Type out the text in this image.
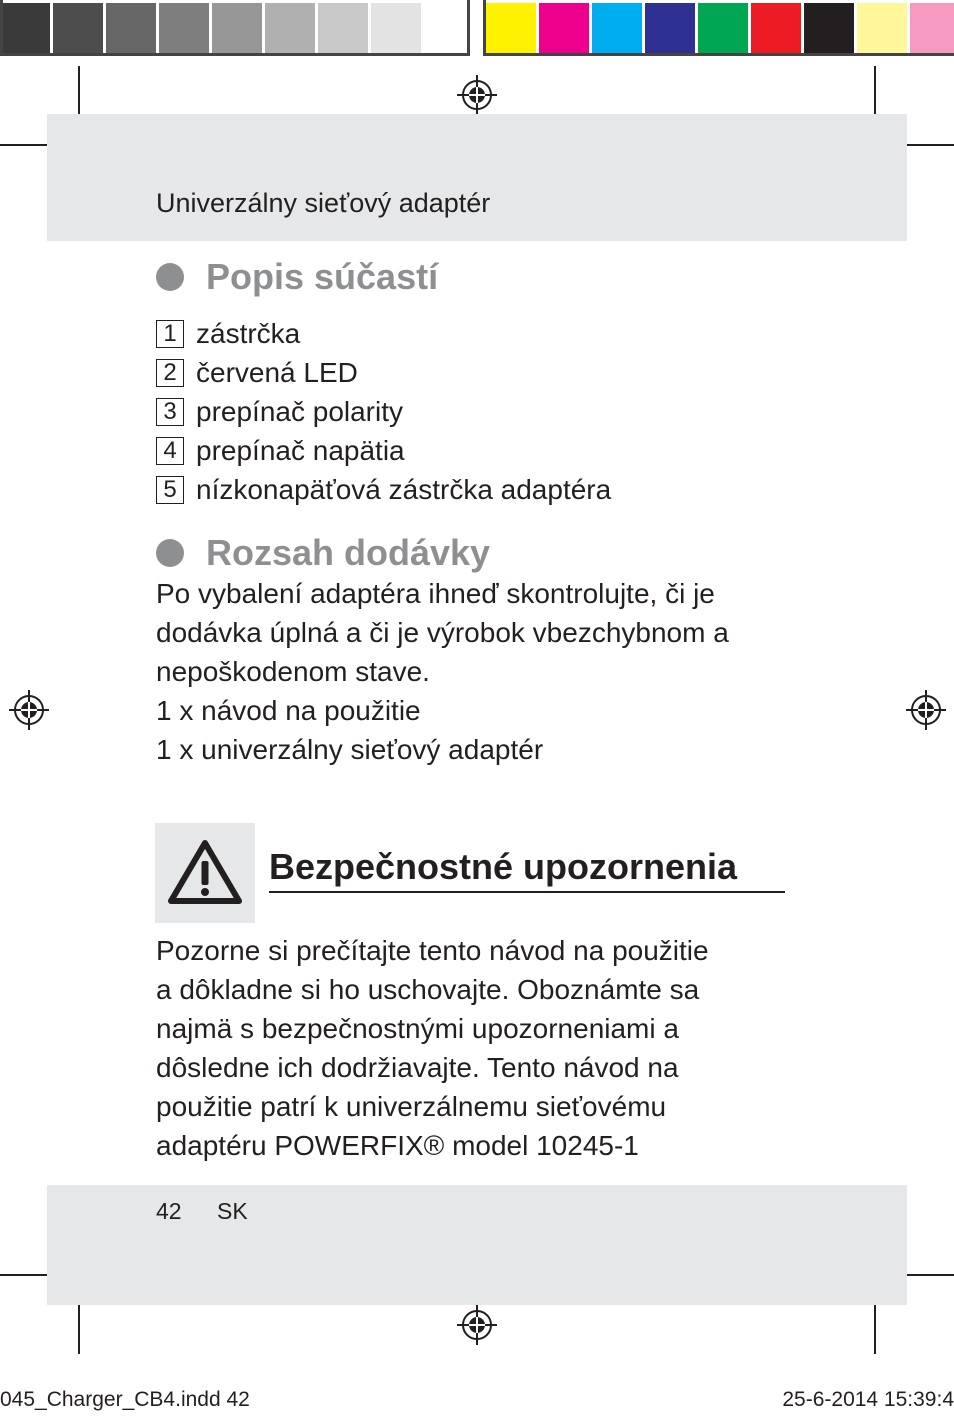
Univerzálny sieťový adaptér
Popis súčastí
1 zástrčka
2 červená LED
3 prepínač polarity
4 prepínač napätia
5 nízkonapäťová zástrčka adaptéra
Rozsah dodávky
Po vybalení adaptéra ihneď skontrolujte, či je
dodávka úplná a či je výrobok vbezchybnom a
nepoškodenom stave.
1 x návod na použitie
1 x univerzálny sieťový adaptér
Bezpečnostné upozornenia
Pozorne si prečítajte tento návod na použitie
a dôkladne si ho uschovajte. Oboznámte sa
najmä s bezpečnostnými upozorneniami a
dôsledne ich dodržiavajte. Tento návod na
použitie patrí k univerzálnemu sieťovému
adaptéru POWERFIX® model 10245-1
42 SK
045_Charger_CB4.indd 42	25-6-2014 15:39:4
